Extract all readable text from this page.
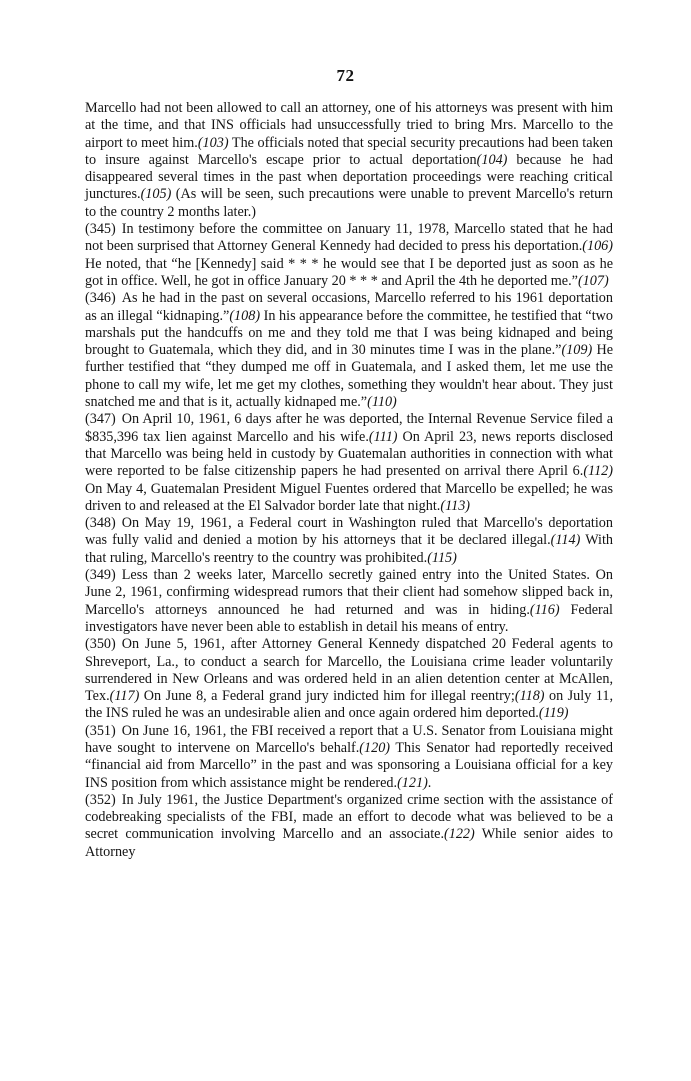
72

Marcello had not been allowed to call an attorney, one of his attorneys was present with him at the time, and that INS officials had unsuccessfully tried to bring Mrs. Marcello to the airport to meet him.(103) The officials noted that special security precautions had been taken to insure against Marcello's escape prior to actual deportation(104) because he had disappeared several times in the past when deportation proceedings were reaching critical junctures.(105) (As will be seen, such precautions were unable to prevent Marcello's return to the country 2 months later.)

(345) In testimony before the committee on January 11, 1978, Marcello stated that he had not been surprised that Attorney General Kennedy had decided to press his deportation.(106) He noted, that “he [Kennedy] said * * * he would see that I be deported just as soon as he got in office. Well, he got in office January 20 * * * and April the 4th he deported me.”(107)

(346) As he had in the past on several occasions, Marcello referred to his 1961 deportation as an illegal “kidnaping.”(108) In his appearance before the committee, he testified that “two marshals put the handcuffs on me and they told me that I was being kidnaped and being brought to Guatemala, which they did, and in 30 minutes time I was in the plane.”(109) He further testified that “they dumped me off in Guatemala, and I asked them, let me use the phone to call my wife, let me get my clothes, something they wouldn't hear about. They just snatched me and that is it, actually kidnaped me.”(110)

(347) On April 10, 1961, 6 days after he was deported, the Internal Revenue Service filed a $835,396 tax lien against Marcello and his wife.(111) On April 23, news reports disclosed that Marcello was being held in custody by Guatemalan authorities in connection with what were reported to be false citizenship papers he had presented on arrival there April 6.(112) On May 4, Guatemalan President Miguel Fuentes ordered that Marcello be expelled; he was driven to and released at the El Salvador border late that night.(113)

(348) On May 19, 1961, a Federal court in Washington ruled that Marcello's deportation was fully valid and denied a motion by his attorneys that it be declared illegal.(114) With that ruling, Marcello's reentry to the country was prohibited.(115)

(349) Less than 2 weeks later, Marcello secretly gained entry into the United States. On June 2, 1961, confirming widespread rumors that their client had somehow slipped back in, Marcello's attorneys announced he had returned and was in hiding.(116) Federal investigators have never been able to establish in detail his means of entry.

(350) On June 5, 1961, after Attorney General Kennedy dispatched 20 Federal agents to Shreveport, La., to conduct a search for Marcello, the Louisiana crime leader voluntarily surrendered in New Orleans and was ordered held in an alien detention center at McAllen, Tex.(117) On June 8, a Federal grand jury indicted him for illegal reentry;(118) on July 11, the INS ruled he was an undesirable alien and once again ordered him deported.(119)

(351) On June 16, 1961, the FBI received a report that a U.S. Senator from Louisiana might have sought to intervene on Marcello's behalf.(120) This Senator had reportedly received “financial aid from Marcello” in the past and was sponsoring a Louisiana official for a key INS position from which assistance might be rendered.(121).

(352) In July 1961, the Justice Department's organized crime section with the assistance of codebreaking specialists of the FBI, made an effort to decode what was believed to be a secret communication involving Marcello and an associate.(122) While senior aides to Attorney
